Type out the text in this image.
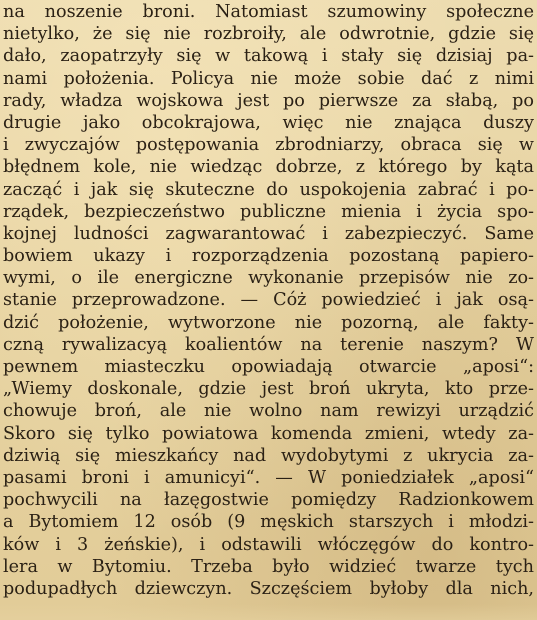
na noszenie broni. Natomiast szumowiny społeczne
nietylko, że się nie rozbroiły, ale odwrotnie, gdzie się
dało, zaopatrzyły się w takową i stały się dzisiaj pa-
nami położenia. Policya nie może sobie dać z nimi
rady, władza wojskowa jest po pierwsze za słabą, po
drugie jako obcokrajowa, więc nie znająca duszy
i zwyczajów postępowania zbrodniarzy, obraca się w
błędnem kole, nie wiedząc dobrze, z którego by kąta
zacząć i jak się skuteczne do uspokojenia zabrać i po-
rządek, bezpieczeństwo publiczne mienia i życia spo-
kojnej ludności zagwarantować i zabezpieczyć. Same
bowiem ukazy i rozporządzenia pozostaną papiero-
wymi, o ile energiczne wykonanie przepisów nie zo-
stanie przeprowadzone. — Cóż powiedzieć i jak osą-
dzić położenie, wytworzone nie pozorną, ale fakty-
czną rywalizacyą koalientów na terenie naszym? W
pewnem miasteczku opowiadają otwarcie „aposi“:
„Wiemy doskonale, gdzie jest broń ukryta, kto prze-
chowuje broń, ale nie wolno nam rewizyi urządzić
Skoro się tylko powiatowa komenda zmieni, wtedy za-
dziwią się mieszkańcy nad wydobytymi z ukrycia za-
pasami broni i amunicyi“. — W poniedziałek „aposi“
pochwycili na łazęgostwie pomiędzy Radzionkowem
a Bytomiem 12 osób (9 męskich starszych i młodzi-
ków i 3 żeńskie), i odstawili włóczęgów do kontro-
lera w Bytomiu. Trzeba było widzieć twarze tych
podupadłych dziewczyn. Szczęściem byłoby dla nich,
